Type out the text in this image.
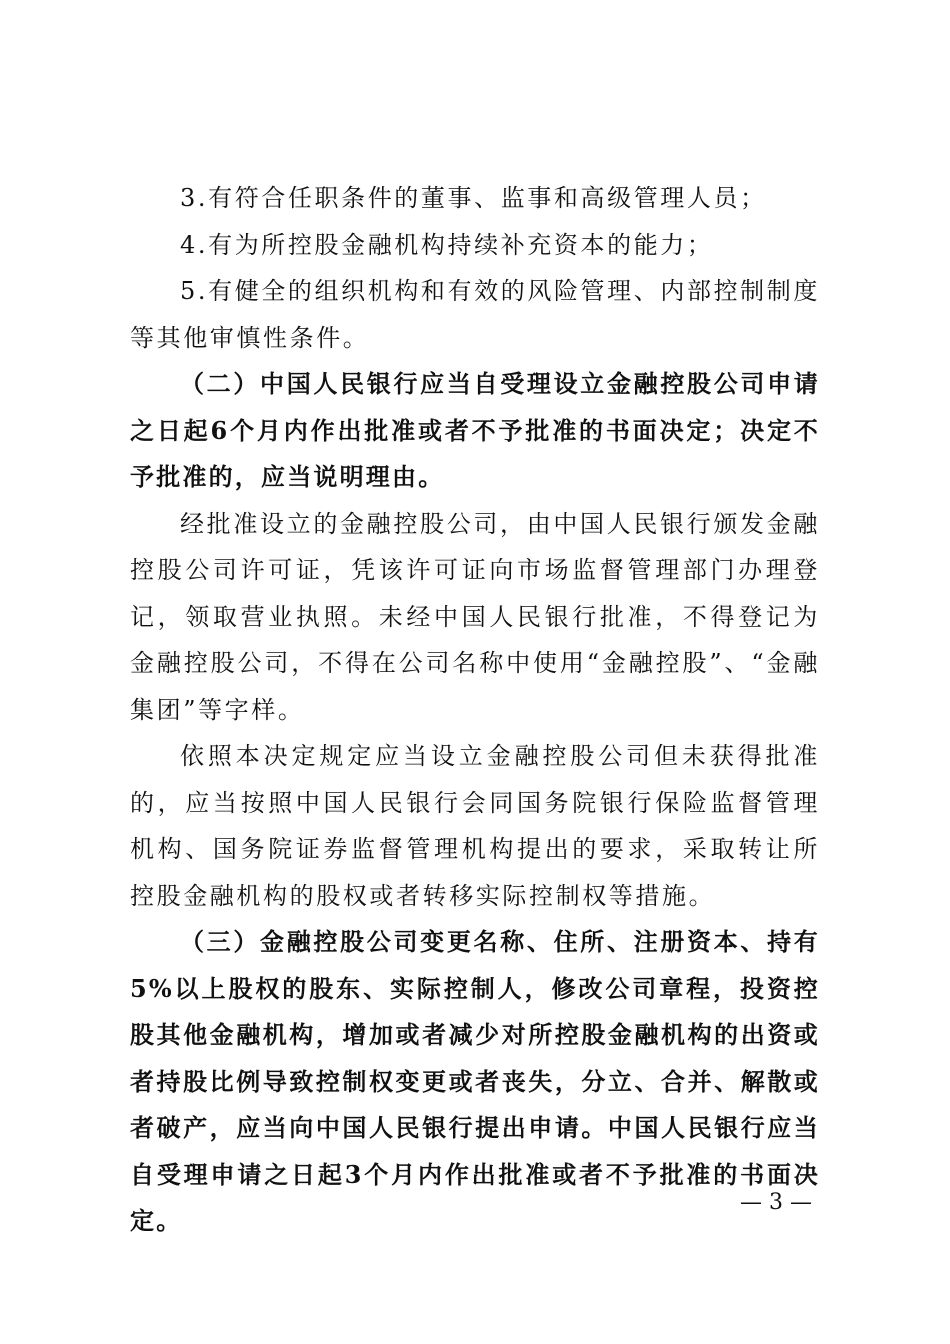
3.有符合任职条件的董事、监事和高级管理人员；

4.有为所控股金融机构持续补充资本的能力；

5.有健全的组织机构和有效的风险管理、内部控制制度等其他审慎性条件。

（二）中国人民银行应当自受理设立金融控股公司申请之日起6个月内作出批准或者不予批准的书面决定；决定不予批准的，应当说明理由。

经批准设立的金融控股公司，由中国人民银行颁发金融控股公司许可证，凭该许可证向市场监督管理部门办理登记，领取营业执照。未经中国人民银行批准，不得登记为金融控股公司，不得在公司名称中使用“金融控股”、“金融集团”等字样。

依照本决定规定应当设立金融控股公司但未获得批准的，应当按照中国人民银行会同国务院银行保险监督管理机构、国务院证券监督管理机构提出的要求，采取转让所控股金融机构的股权或者转移实际控制权等措施。

（三）金融控股公司变更名称、住所、注册资本、持有5%以上股权的股东、实际控制人，修改公司章程，投资控股其他金融机构，增加或者减少对所控股金融机构的出资或者持股比例导致控制权变更或者丧失，分立、合并、解散或者破产，应当向中国人民银行提出申请。中国人民银行应当自受理申请之日起3个月内作出批准或者不予批准的书面决定。

— 3 —
